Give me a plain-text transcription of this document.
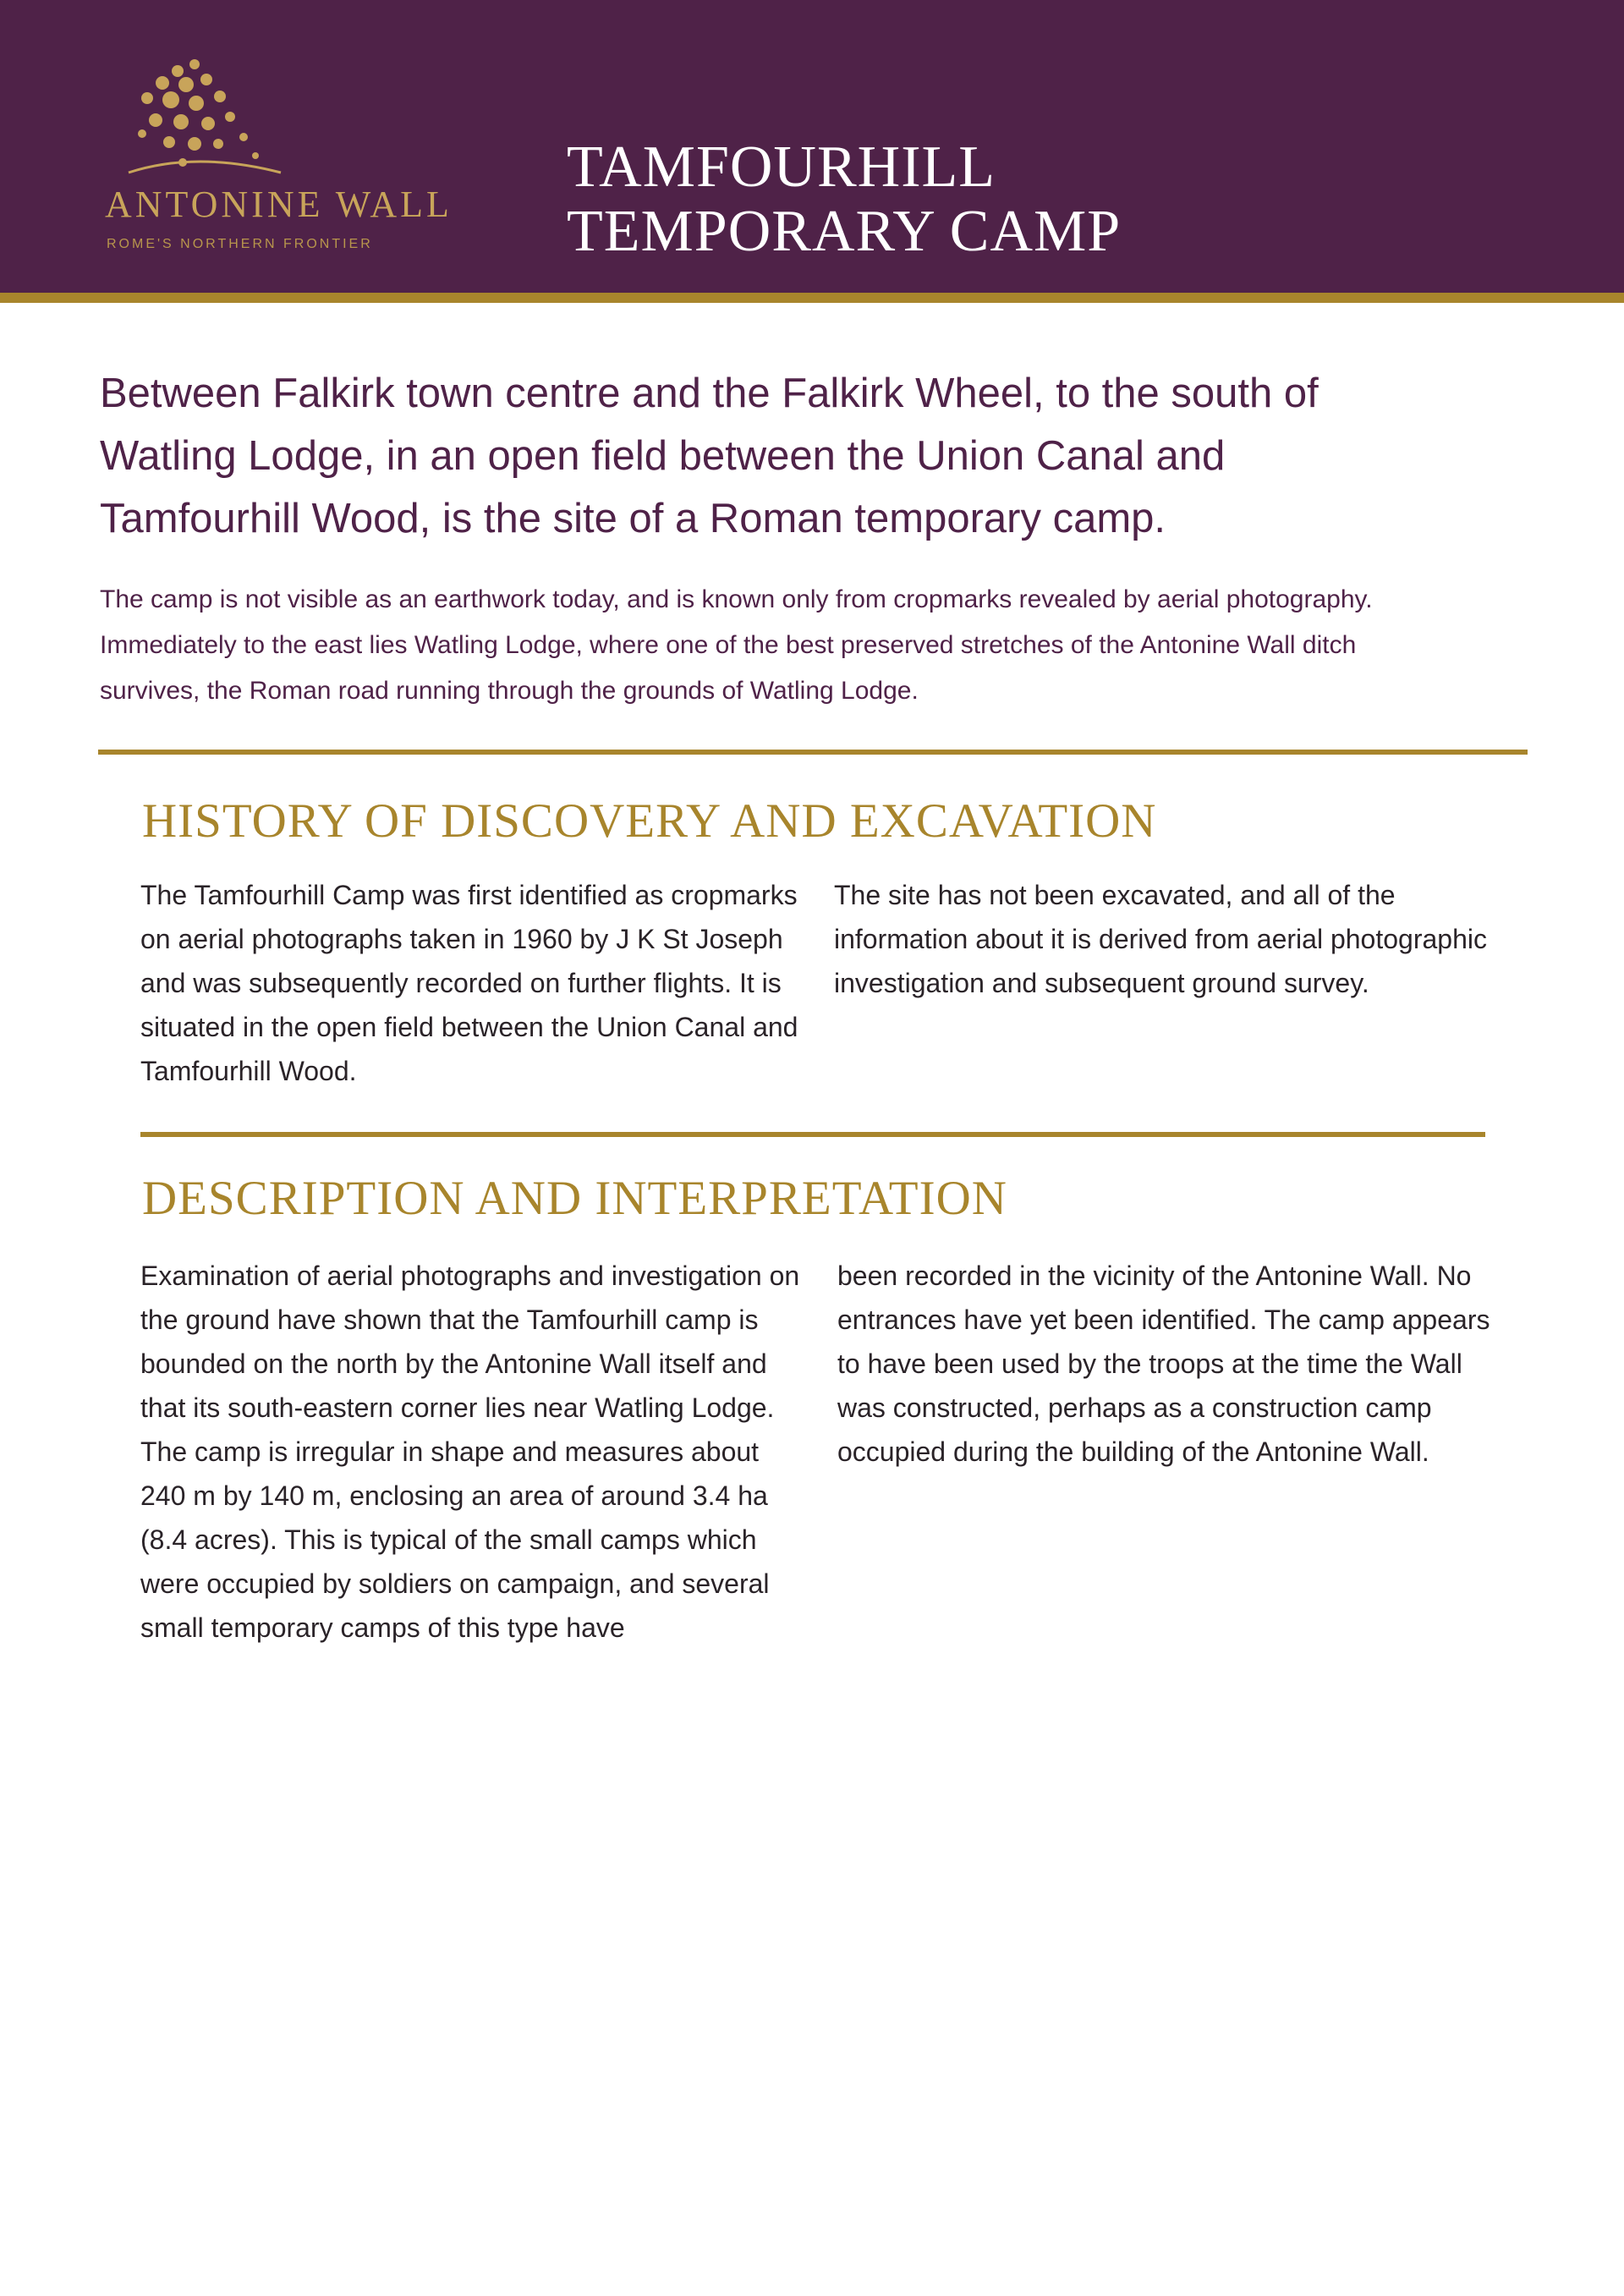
ANTONINE WALL
ROME'S NORTHERN FRONTIER
TAMFOURHILL
TEMPORARY CAMP

Between Falkirk town centre and the Falkirk Wheel, to the south of Watling Lodge, in an open field between the Union Canal and Tamfourhill Wood, is the site of a Roman temporary camp.

The camp is not visible as an earthwork today, and is known only from cropmarks revealed by aerial photography. Immediately to the east lies Watling Lodge, where one of the best preserved stretches of the Antonine Wall ditch survives, the Roman road running through the grounds of Watling Lodge.

HISTORY OF DISCOVERY AND EXCAVATION

The Tamfourhill Camp was first identified as cropmarks on aerial photographs taken in 1960 by J K St Joseph and was subsequently recorded on further flights. It is situated in the open field between the Union Canal and Tamfourhill Wood.

The site has not been excavated, and all of the information about it is derived from aerial photographic investigation and subsequent ground survey.

DESCRIPTION AND INTERPRETATION

Examination of aerial photographs and investigation on the ground have shown that the Tamfourhill camp is bounded on the north by the Antonine Wall itself and that its south-eastern corner lies near Watling Lodge. The camp is irregular in shape and measures about 240 m by 140 m, enclosing an area of around 3.4 ha (8.4 acres). This is typical of the small camps which were occupied by soldiers on campaign, and several small temporary camps of this type have

been recorded in the vicinity of the Antonine Wall. No entrances have yet been identified. The camp appears to have been used by the troops at the time the Wall was constructed, perhaps as a construction camp occupied during the building of the Antonine Wall.
